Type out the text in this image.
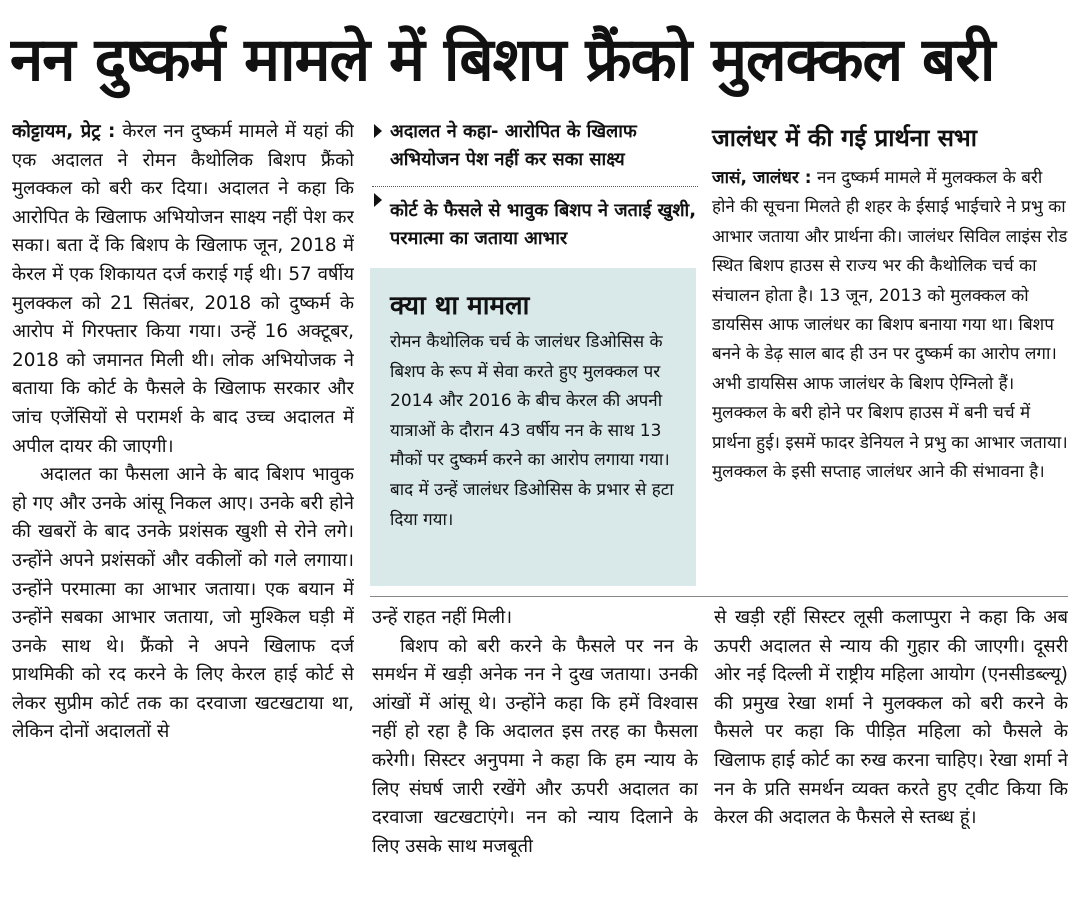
नन दुष्कर्म मामले में बिशप फ्रैंको मुलक्कल बरी

कोट्टायम, प्रेट्र : केरल नन दुष्कर्म मामले में यहां की एक अदालत ने रोमन कैथोलिक बिशप फ्रैंको मुलक्कल को बरी कर दिया। अदालत ने कहा कि आरोपित के खिलाफ अभियोजन साक्ष्य नहीं पेश कर सका। बता दें कि बिशप के खिलाफ जून, 2018 में केरल में एक शिकायत दर्ज कराई गई थी। 57 वर्षीय मुलक्कल को 21 सितंबर, 2018 को दुष्कर्म के आरोप में गिरफ्तार किया गया। उन्हें 16 अक्टूबर, 2018 को जमानत मिली थी। लोक अभियोजक ने बताया कि कोर्ट के फैसले के खिलाफ सरकार और जांच एजेंसियों से परामर्श के बाद उच्च अदालत में अपील दायर की जाएगी।

अदालत का फैसला आने के बाद बिशप भावुक हो गए और उनके आंसू निकल आए। उनके बरी होने की खबरों के बाद उनके प्रशंसक खुशी से रोने लगे। उन्होंने अपने प्रशंसकों और वकीलों को गले लगाया। उन्होंने परमात्मा का आभार जताया। एक बयान में उन्होंने सबका आभार जताया, जो मुश्किल घड़ी में उनके साथ थे। फ्रैंको ने अपने खिलाफ दर्ज प्राथमिकी को रद करने के लिए केरल हाई कोर्ट से लेकर सुप्रीम कोर्ट तक का दरवाजा खटखटाया था, लेकिन दोनों अदालतों से

अदालत ने कहा- आरोपित के खिलाफ अभियोजन पेश नहीं कर सका साक्ष्य
कोर्ट के फैसले से भावुक बिशप ने जताई खुशी, परमात्मा का जताया आभार

क्या था मामला

रोमन कैथोलिक चर्च के जालंधर डिओसिस के बिशप के रूप में सेवा करते हुए मुलक्कल पर 2014 और 2016 के बीच केरल की अपनी यात्राओं के दौरान 43 वर्षीय नन के साथ 13 मौकों पर दुष्कर्म करने का आरोप लगाया गया। बाद में उन्हें जालंधर डिओसिस के प्रभार से हटा दिया गया।

जालंधर में की गई प्रार्थना सभा

जासं, जालंधर : नन दुष्कर्म मामले में मुलक्कल के बरी होने की सूचना मिलते ही शहर के ईसाई भाईचारे ने प्रभु का आभार जताया और प्रार्थना की। जालंधर सिविल लाइंस रोड स्थित बिशप हाउस से राज्य भर की कैथोलिक चर्च का संचालन होता है। 13 जून, 2013 को मुलक्कल को डायसिस आफ जालंधर का बिशप बनाया गया था। बिशप बनने के डेढ़ साल बाद ही उन पर दुष्कर्म का आरोप लगा। अभी डायसिस आफ जालंधर के बिशप ऐग्निलो हैं। मुलक्कल के बरी होने पर बिशप हाउस में बनी चर्च में प्रार्थना हुई। इसमें फादर डेनियल ने प्रभु का आभार जताया। मुलक्कल के इसी सप्ताह जालंधर आने की संभावना है।

उन्हें राहत नहीं मिली।

बिशप को बरी करने के फैसले पर नन के समर्थन में खड़ी अनेक नन ने दुख जताया। उनकी आंखों में आंसू थे। उन्होंने कहा कि हमें विश्वास नहीं हो रहा है कि अदालत इस तरह का फैसला करेगी। सिस्टर अनुपमा ने कहा कि हम न्याय के लिए संघर्ष जारी रखेंगे और ऊपरी अदालत का दरवाजा खटखटाएंगे। नन को न्याय दिलाने के लिए उसके साथ मजबूती

से खड़ी रहीं सिस्टर लूसी कलाप्पुरा ने कहा कि अब ऊपरी अदालत से न्याय की गुहार की जाएगी। दूसरी ओर नई दिल्ली में राष्ट्रीय महिला आयोग (एनसीडब्ल्यू) की प्रमुख रेखा शर्मा ने मुलक्कल को बरी करने के फैसले पर कहा कि पीड़ित महिला को फैसले के खिलाफ हाई कोर्ट का रुख करना चाहिए। रेखा शर्मा ने नन के प्रति समर्थन व्यक्त करते हुए ट्वीट किया कि केरल की अदालत के फैसले से स्तब्ध हूं।
